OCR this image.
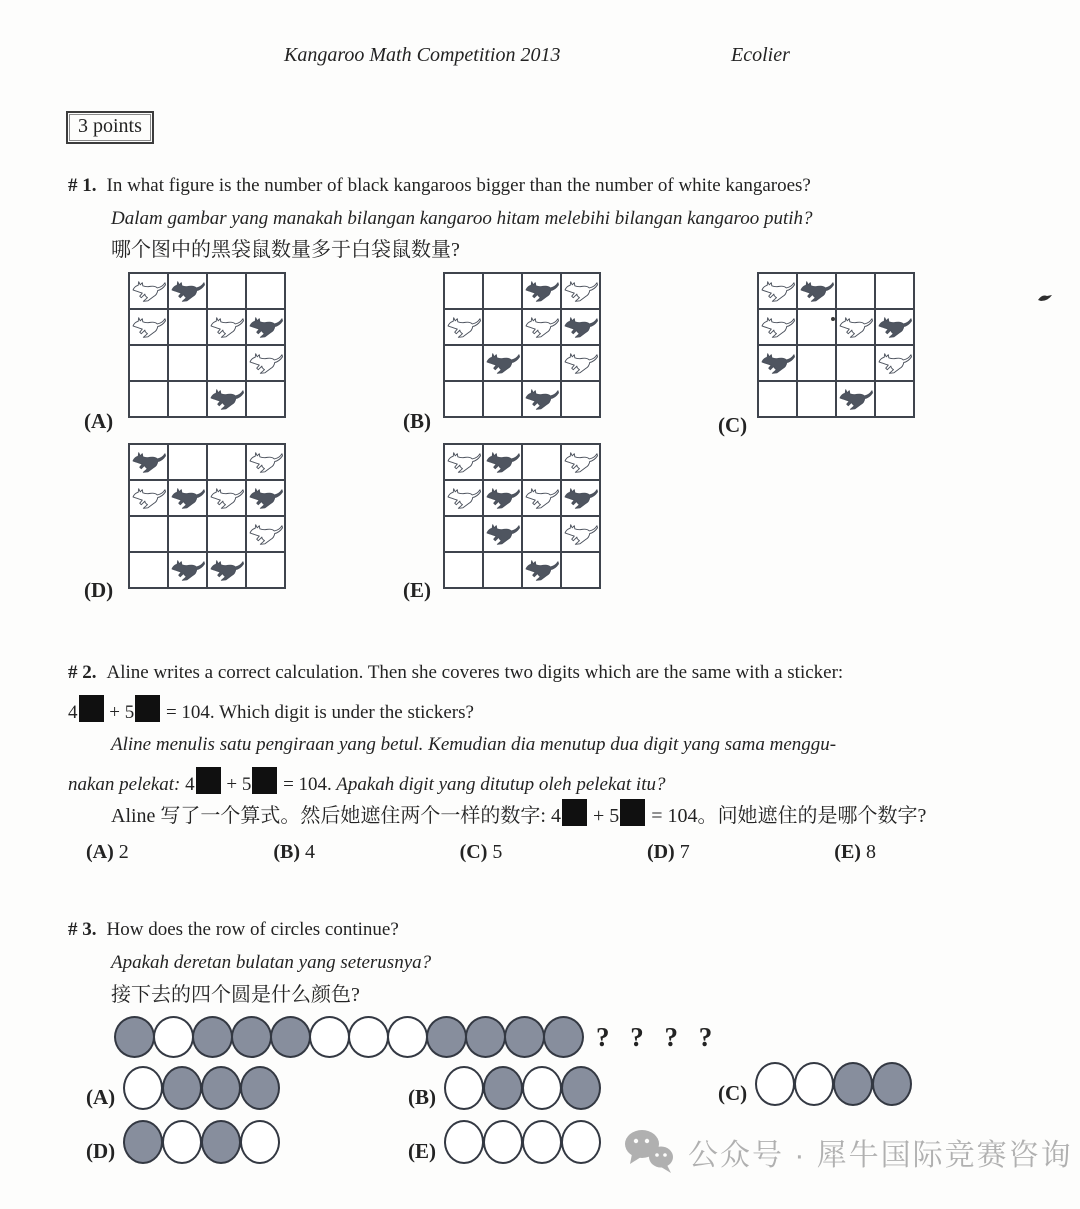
Kangaroo Math Competition 2013	Ecolier
3 points
# 1. In what figure is the number of black kangaroos bigger than the number of white kangaroes?
Dalam gambar yang manakah bilangan kangaroo hitam melebihi bilangan kangaroo putih?
哪个图中的黑袋鼠数量多于白袋鼠数量?
(A)	(B)	(C)
(D)	(E)
# 2. Aline writes a correct calculation. Then she coveres two digits which are the same with a sticker:
4 + 5 = 104. Which digit is under the stickers?
Aline menulis satu pengiraan yang betul. Kemudian dia menutup dua digit yang sama menggu-
nakan pelekat: 4 + 5 = 104. Apakah digit yang ditutup oleh pelekat itu?
Aline 写了一个算式。然后她遮住两个一样的数字: 4 + 5 = 104。问她遮住的是哪个数字?
(A) 2	(B) 4	(C) 5	(D) 7	(E) 8
# 3. How does the row of circles continue?
Apakah deretan bulatan yang seterusnya?
接下去的四个圆是什么颜色?
? ? ? ?
(A)	(B)	(C)
(D)	(E)	公众号 · 犀牛国际竞赛咨询
